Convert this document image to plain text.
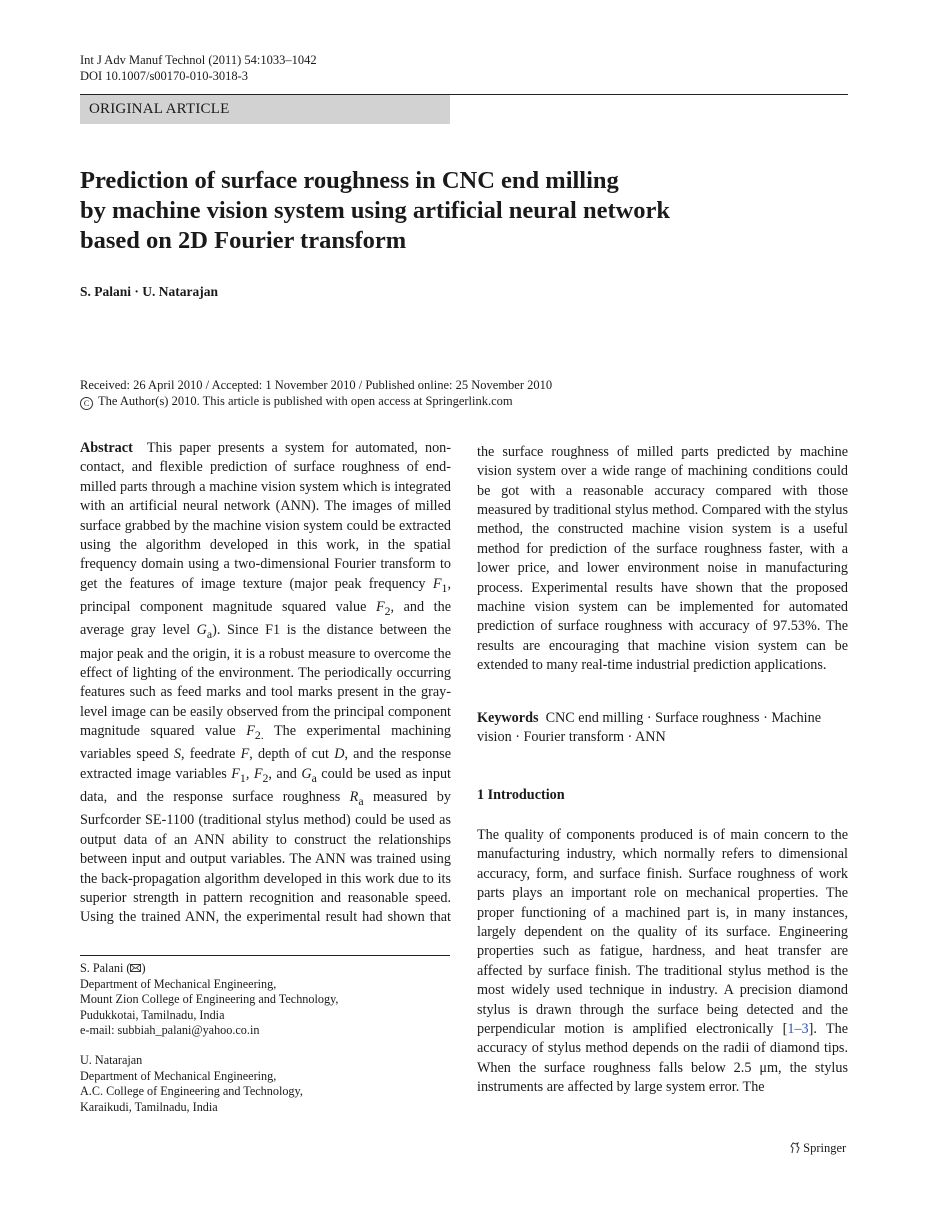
Int J Adv Manuf Technol (2011) 54:1033–1042
DOI 10.1007/s00170-010-3018-3
ORIGINAL ARTICLE
Prediction of surface roughness in CNC end milling
by machine vision system using artificial neural network
based on 2D Fourier transform
S. Palani · U. Natarajan
Received: 26 April 2010 / Accepted: 1 November 2010 / Published online: 25 November 2010
C The Author(s) 2010. This article is published with open access at Springerlink.com

Abstract This paper presents a system for automated, non-contact, and flexible prediction of surface roughness of end-milled parts through a machine vision system which is integrated with an artificial neural network (ANN). The images of milled surface grabbed by the machine vision system could be extracted using the algorithm developed in this work, in the spatial frequency domain using a two-dimensional Fourier transform to get the features of image texture (major peak frequency $F_1$, principal component magnitude squared value $F_2$, and the average gray level $G_a$). Since F1 is the distance between the major peak and the origin, it is a robust measure to overcome the effect of lighting of the environment. The periodically occurring features such as feed marks and tool marks present in the gray-level image can be easily observed from the principal component magnitude squared value $F_{2.}$ The experimental machining variables speed S, feedrate F, depth of cut D, and the response extracted image variables $F_1$, $F_2$, and $G_a$ could be used as input data, and the response surface roughness $R_a$ measured by Surfcorder SE-1100 (traditional stylus method) could be used as output data of an ANN ability to construct the relationships between input and output variables. The ANN was trained using the back-propagation algorithm developed in this work due to its superior strength in pattern recognition and reasonable speed. Using the trained ANN, the experimental result had shown that

the surface roughness of milled parts predicted by machine vision system over a wide range of machining conditions could be got with a reasonable accuracy compared with those measured by traditional stylus method. Compared with the stylus method, the constructed machine vision system is a useful method for prediction of the surface roughness faster, with a lower price, and lower environment noise in manufacturing process. Experimental results have shown that the proposed machine vision system can be implemented for automated prediction of surface roughness with accuracy of 97.53%. The results are encouraging that machine vision system can be extended to many real-time industrial prediction applications.

Keywords CNC end milling · Surface roughness · Machine vision · Fourier transform · ANN
1 Introduction
The quality of components produced is of main concern to the manufacturing industry, which normally refers to dimensional accuracy, form, and surface finish. Surface roughness of work parts plays an important role on mechanical properties. The proper functioning of a machined part is, in many instances, largely dependent on the quality of its surface. Engineering properties such as fatigue, hardness, and heat transfer are affected by surface finish. The traditional stylus method is the most widely used technique in industry. A precision diamond stylus is drawn through the surface being detected and the perpendicular motion is amplified electronically [1–3]. The accuracy of stylus method depends on the radii of diamond tips. When the surface roughness falls below 2.5 μm, the stylus instruments are affected by large system error. The
S. Palani ( )
Department of Mechanical Engineering,
Mount Zion College of Engineering and Technology,
Pudukkotai, Tamilnadu, India
e-mail: subbiah_palani@yahoo.co.in
U. Natarajan
Department of Mechanical Engineering,
A.C. College of Engineering and Technology,
Karaikudi, Tamilnadu, India
Springer
